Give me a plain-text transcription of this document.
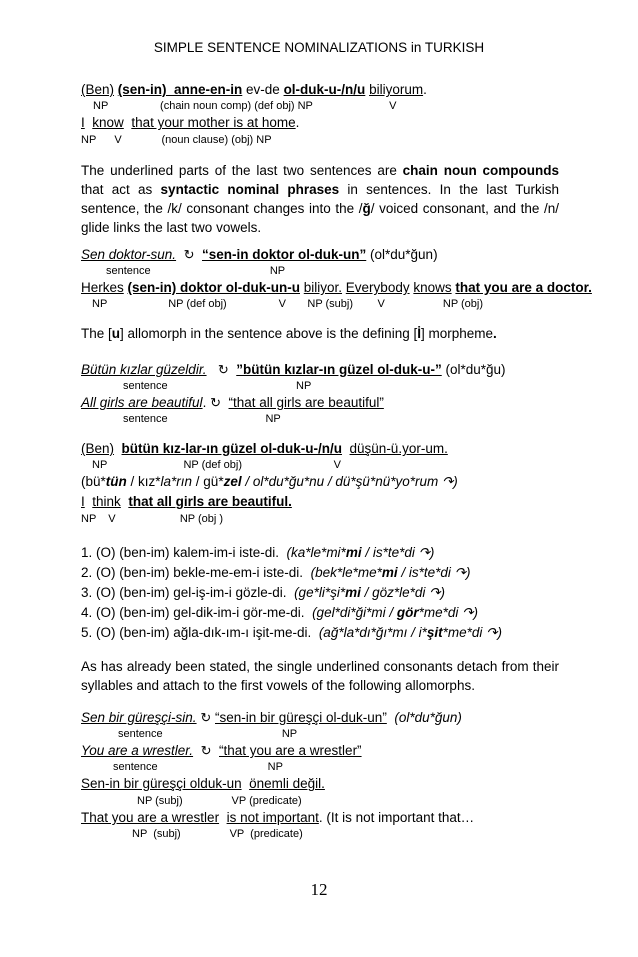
SIMPLE SENTENCE NOMINALIZATIONS in TURKISH
(Ben) (sen-in)  anne-en-in ev-de ol-duk-u-/n/u biliyorum.
NP                 (chain noun comp) (def obj) NP                         V
I know that your mother is at home.
NP      V             (noun clause) (obj) NP
The underlined parts of the last two sentences are chain noun compounds that act as syntactic nominal phrases in sentences. In the last Turkish sentence, the /k/ consonant changes into the /ğ/ voiced consonant, and the /n/ glide links the last two vowels.
Sen doktor-sun. ↻ “sen-in doktor ol-duk-un” (ol*du*ğun)
sentence                                       NP
Herkes (sen-in) doktor ol-duk-un-u biliyor. Everybody knows that you are a doctor.
NP                    NP (def obj)                 V       NP (subj)        V                   NP (obj)
The [u] allomorph in the sentence above is the defining [İ] morpheme.
Bütün kızlar güzeldir. ↻ ”bütün kızlar-ın güzel ol-duk-u-” (ol*du*ğu)
sentence                                          NP
All girls are beautiful. ↻ “that all girls are beautiful”
sentence                                NP
(Ben) bütün kız-lar-ın güzel ol-duk-u-/n/u düşün-ü.yor-um.
NP                         NP (def obj)                              V
(bü*tün / kız*la*rın / gü*zel / ol*du*ğu*nu / dü*şü*nü*yo*rum ↷)
I think that all girls are beautiful.
NP    V                     NP (obj )
1. (O) (ben-im) kalem-im-i iste-di. (ka*le*mi*mi / is*te*di ↷)
2. (O) (ben-im) bekle-me-em-i iste-di. (bek*le*me*mi / is*te*di ↷)
3. (O) (ben-im) gel-iş-im-i gözle-di. (ge*li*şi*mi / göz*le*di ↷)
4. (O) (ben-im) gel-dik-im-i gör-me-di. (gel*di*ği*mi / gör*me*di ↷)
5. (O) (ben-im) ağla-dık-ım-ı işit-me-di. (ağ*la*dı*ğı*mı / i*şit*me*di ↷)
As has already been stated, the single underlined consonants detach from their syllables and attach to the first vowels of the following allomorphs.
Sen bir güreşçi-sin. ↻ “sen-in bir güreşçi ol-duk-un” (ol*du*ğun)
sentence                                       NP
You are a wrestler. ↻ “that you are a wrestler”
sentence                                    NP
Sen-in bir güreşçi olduk-un önemli değil.
NP (subj)                VP (predicate)
That you are a wrestler is not important. (It is not important that…
NP  (subj)                VP  (predicate)
12
